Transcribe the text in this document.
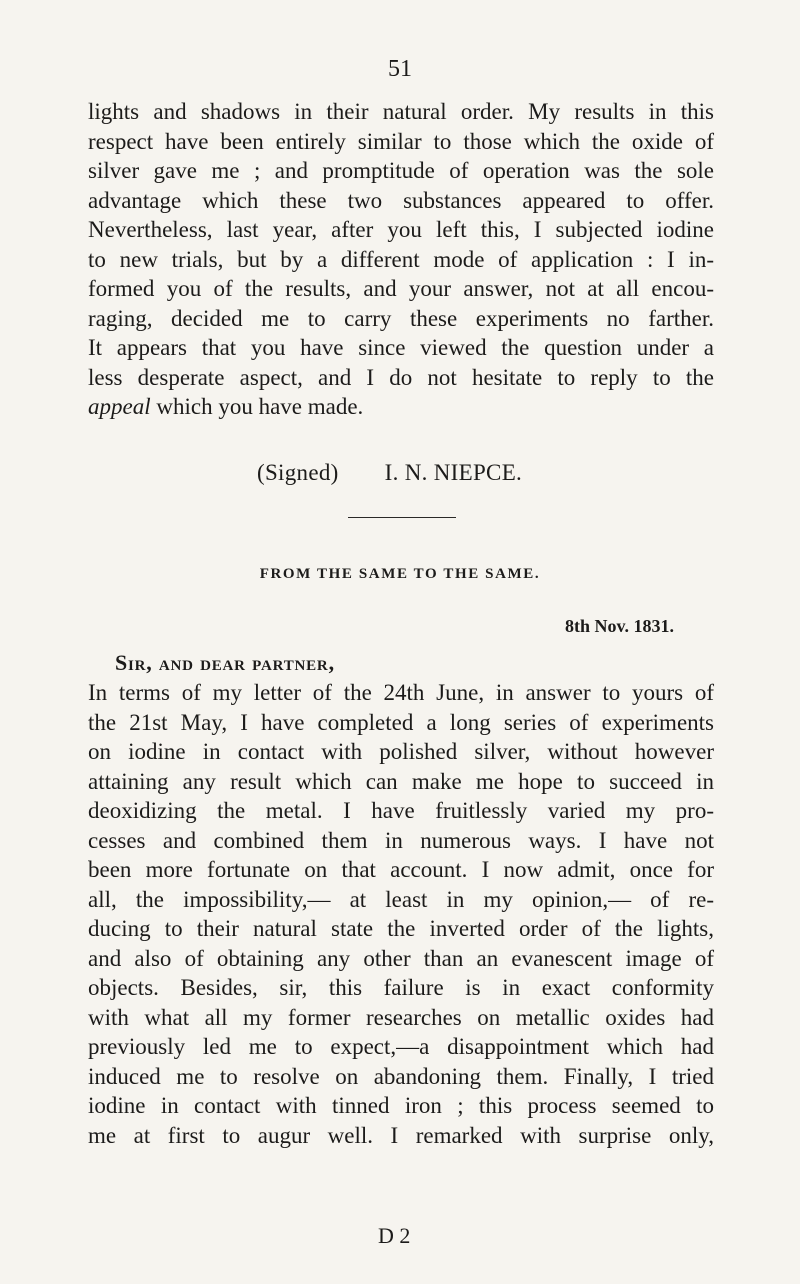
51
lights and shadows in their natural order. My results in this
respect have been entirely similar to those which the oxide of
silver gave me ; and promptitude of operation was the sole
advantage which these two substances appeared to offer.
Nevertheless, last year, after you left this, I subjected iodine
to new trials, but by a different mode of application : I in-
formed you of the results, and your answer, not at all encou-
raging, decided me to carry these experiments no farther.
It appears that you have since viewed the question under a
less desperate aspect, and I do not hesitate to reply to the
appeal which you have made.
(Signed) I. N. NIEPCE.
FROM THE SAME TO THE SAME.
8th Nov. 1831.
Sir, and dear partner,
In terms of my letter of the 24th June, in answer to yours of
the 21st May, I have completed a long series of experiments
on iodine in contact with polished silver, without however
attaining any result which can make me hope to succeed in
deoxidizing the metal. I have fruitlessly varied my pro-
cesses and combined them in numerous ways. I have not
been more fortunate on that account. I now admit, once for
all, the impossibility,— at least in my opinion,— of re-
ducing to their natural state the inverted order of the lights,
and also of obtaining any other than an evanescent image of
objects. Besides, sir, this failure is in exact conformity
with what all my former researches on metallic oxides had
previously led me to expect,—a disappointment which had
induced me to resolve on abandoning them. Finally, I tried
iodine in contact with tinned iron ; this process seemed to
me at first to augur well. I remarked with surprise only,
D 2
